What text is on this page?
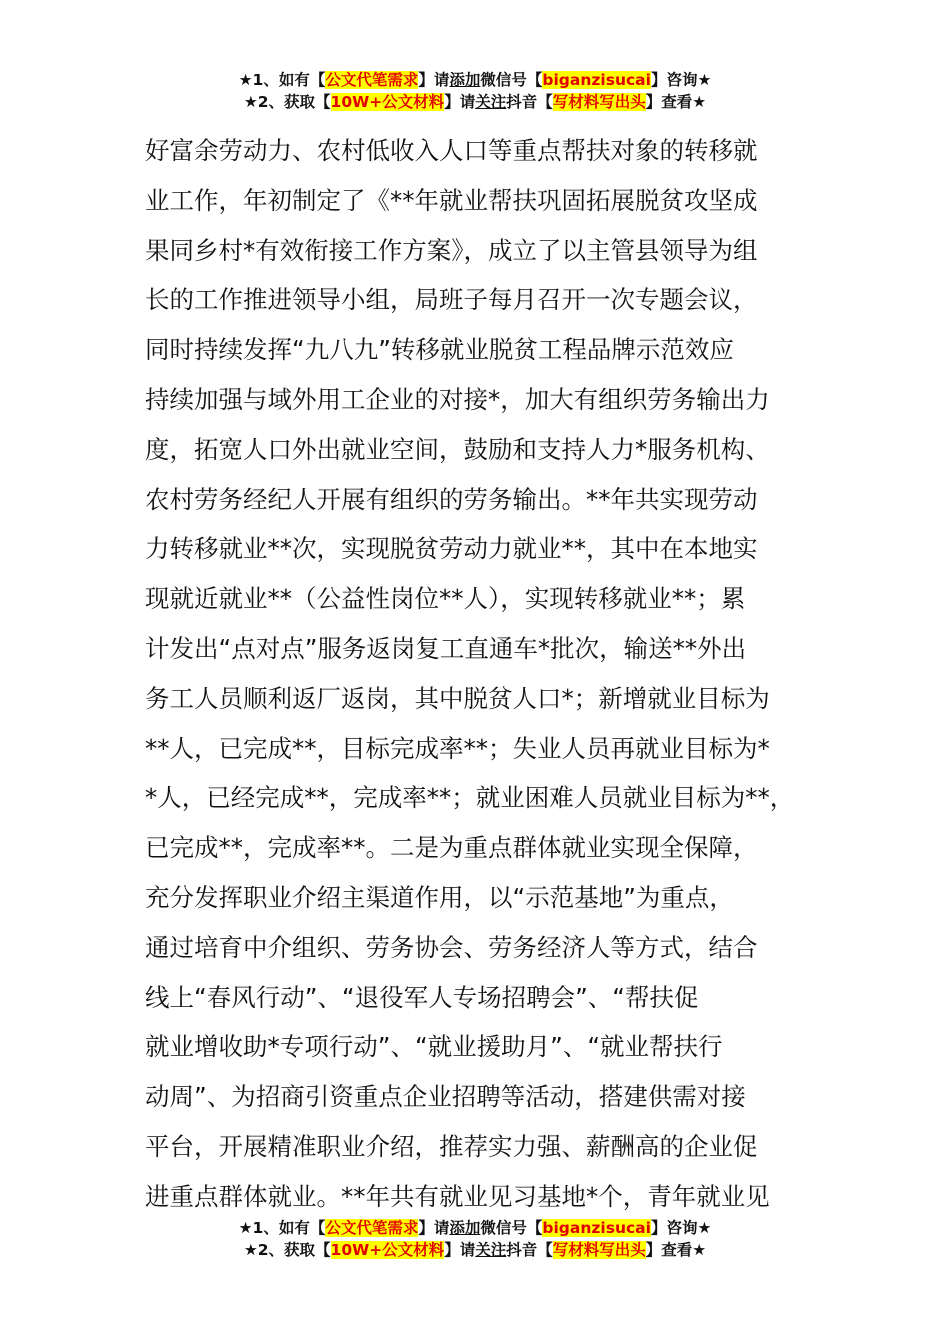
★1、如有【公文代笔需求】请添加微信号【biganzisucai】咨询★
★2、获取【10W+公文材料】请关注抖音【写材料写出头】查看★
好富余劳动力、农村低收入人口等重点帮扶对象的转移就
业工作，年初制定了《**年就业帮扶巩固拓展脱贫攻坚成
果同乡村*有效衔接工作方案》，成立了以主管县领导为组
长的工作推进领导小组，局班子每月召开一次专题会议，
同时持续发挥“九八九”转移就业脱贫工程品牌示范效应
持续加强与域外用工企业的对接*，加大有组织劳务输出力
度，拓宽人口外出就业空间，鼓励和支持人力*服务机构、
农村劳务经纪人开展有组织的劳务输出。**年共实现劳动
力转移就业**次，实现脱贫劳动力就业**，其中在本地实
现就近就业**（公益性岗位**人），实现转移就业**；累
计发出“点对点”服务返岗复工直通车*批次，输送**外出
务工人员顺利返厂返岗，其中脱贫人口*；新增就业目标为
**人，已完成**，目标完成率**；失业人员再就业目标为*
*人，已经完成**，完成率**；就业困难人员就业目标为**，
已完成**，完成率**。二是为重点群体就业实现全保障，
充分发挥职业介绍主渠道作用，以“示范基地”为重点，
通过培育中介组织、劳务协会、劳务经济人等方式，结合
线上“春风行动”、“退役军人专场招聘会”、“帮扶促
就业增收助*专项行动”、“就业援助月”、“就业帮扶行
动周”、为招商引资重点企业招聘等活动，搭建供需对接
平台，开展精准职业介绍，推荐实力强、薪酬高的企业促
进重点群体就业。**年共有就业见习基地*个，青年就业见
★1、如有【公文代笔需求】请添加微信号【biganzisucai】咨询★
★2、获取【10W+公文材料】请关注抖音【写材料写出头】查看★
